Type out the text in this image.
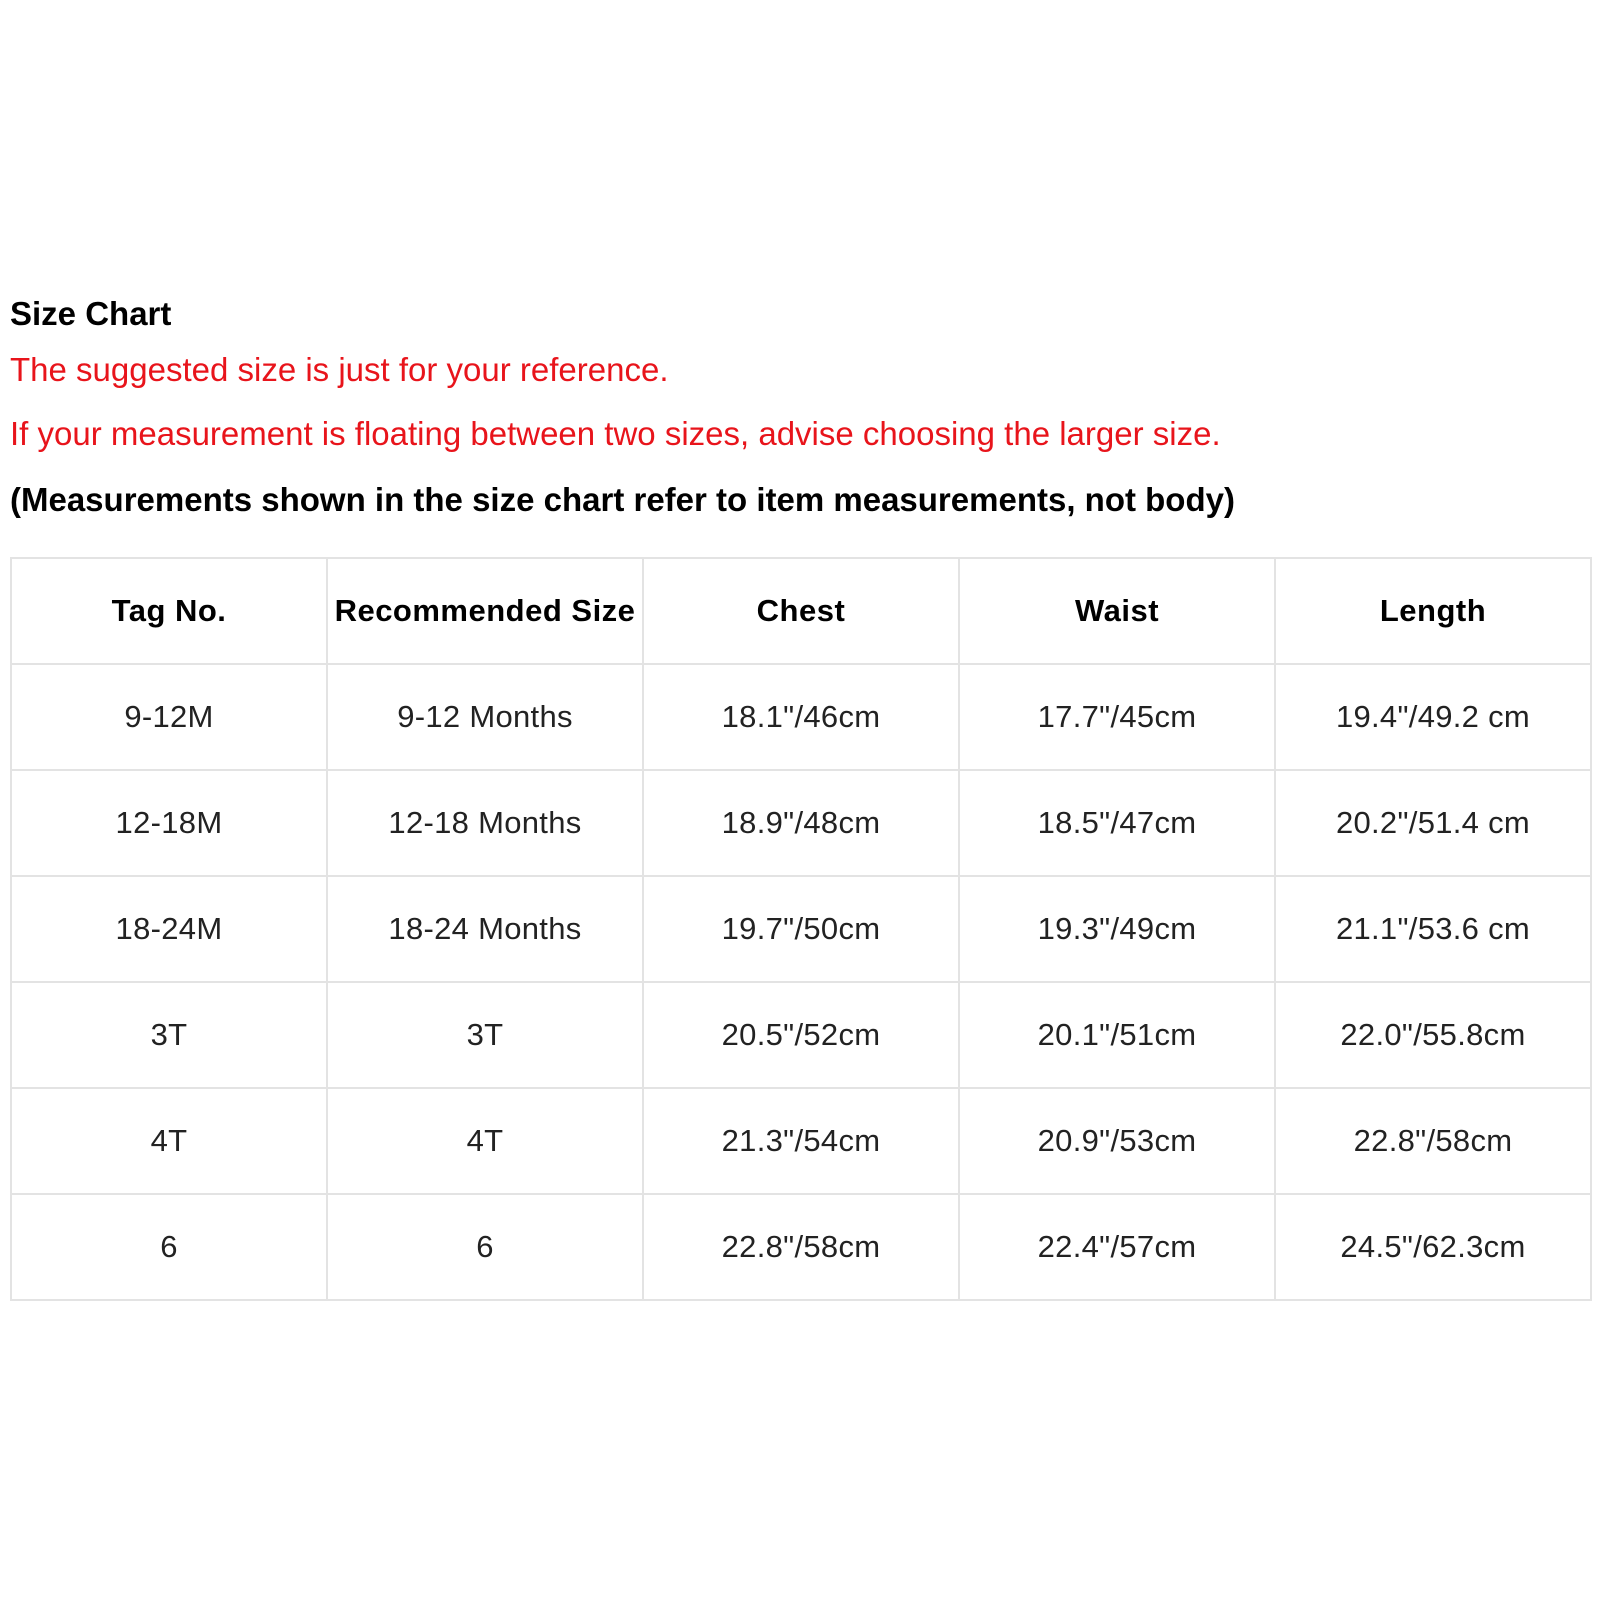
Size Chart
The suggested size is just for your reference.
If your measurement is floating between two sizes, advise choosing the larger size.
(Measurements shown in the size chart refer to item measurements, not body)
Tag No.	Recommended Size	Chest	Waist	Length
9-12M	9-12 Months	18.1"/46cm	17.7"/45cm	19.4"/49.2 cm
12-18M	12-18 Months	18.9"/48cm	18.5"/47cm	20.2"/51.4 cm
18-24M	18-24 Months	19.7"/50cm	19.3"/49cm	21.1"/53.6 cm
3T	3T	20.5"/52cm	20.1"/51cm	22.0"/55.8cm
4T	4T	21.3"/54cm	20.9"/53cm	22.8"/58cm
6	6	22.8"/58cm	22.4"/57cm	24.5"/62.3cm
